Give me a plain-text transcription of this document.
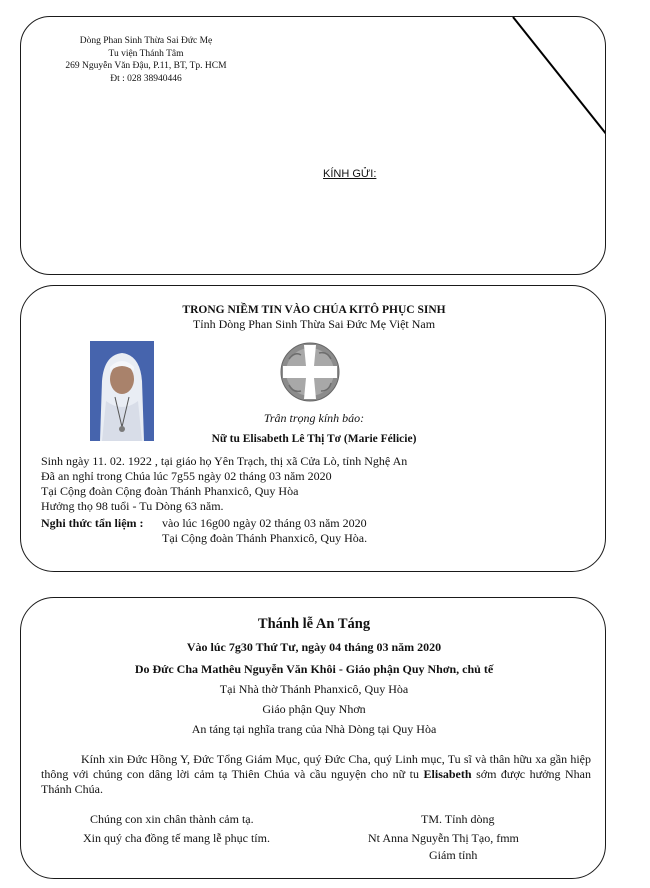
Dòng Phan Sinh Thừa Sai Đức Mẹ
Tu viện Thánh Tâm
269 Nguyễn Văn Đậu, P.11, BT, Tp. HCM
Đt : 028 38940446
KÍNH GỬI:
TRONG NIỀM TIN VÀO CHÚA KITÔ PHỤC SINH
Tỉnh Dòng Phan Sinh Thừa Sai Đức Mẹ Việt Nam
Trân trọng kính báo:
Nữ tu Elisabeth Lê Thị Tơ (Marie Félicie)
Sinh ngày 11. 02. 1922 , tại giáo họ Yên Trạch, thị xã Cửa Lò, tỉnh Nghệ An
Đã an nghỉ trong Chúa lúc 7g55 ngày 02 tháng 03 năm 2020
Tại Cộng đoàn Cộng đoàn Thánh Phanxicô, Quy Hòa
Hưởng thọ 98 tuổi - Tu Dòng 63 năm.
Nghi thức tẩn liệm : vào lúc 16g00 ngày 02 tháng 03 năm 2020
Tại Cộng đoàn Thánh Phanxicô, Quy Hòa.
Thánh lễ An Táng
Vào lúc 7g30 Thứ Tư, ngày 04 tháng 03 năm 2020
Do Đức Cha Mathêu Nguyễn Văn Khôi - Giáo phận Quy Nhơn, chủ tế
Tại Nhà thờ Thánh Phanxicô, Quy Hòa
Giáo phận Quy Nhơn
An táng tại nghĩa trang của Nhà Dòng tại Quy Hòa
Kính xin Đức Hồng Y, Đức Tổng Giám Mục, quý Đức Cha, quý Linh mục, Tu sĩ và thân hữu xa gần hiệp thông với chúng con dâng lời cảm tạ Thiên Chúa và cầu nguyện cho nữ tu Elisabeth sớm được hưởng Nhan Thánh Chúa.
Chúng con xin chân thành cảm tạ.
Xin quý cha đồng tế mang lễ phục tím.
TM. Tỉnh dòng
Nt Anna Nguyễn Thị Tạo, fmm
Giám tỉnh
